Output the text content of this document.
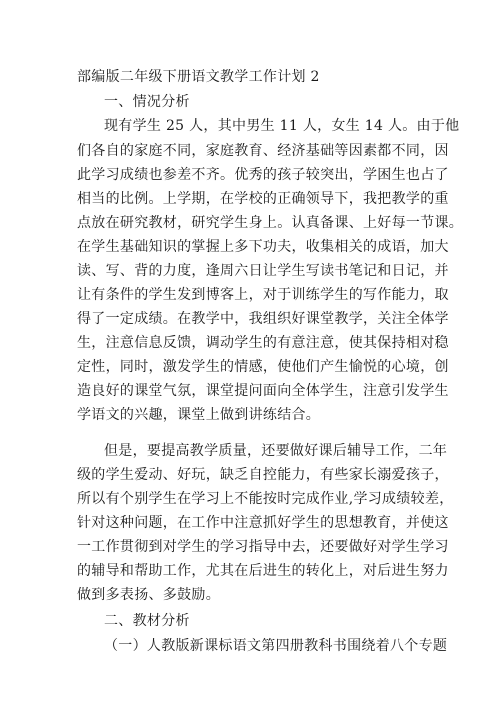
部编版二年级下册语文教学工作计划 2
一、情况分析
现有学生 25 人，其中男生 11 人，女生 14 人。由于他
们各自的家庭不同，家庭教育、经济基础等因素都不同，因
此学习成绩也参差不齐。优秀的孩子较突出，学困生也占了
相当的比例。上学期，在学校的正确领导下，我把教学的重
点放在研究教材，研究学生身上。认真备课、上好每一节课。
在学生基础知识的掌握上多下功夫，收集相关的成语，加大
读、写、背的力度，逢周六日让学生写读书笔记和日记，并
让有条件的学生发到博客上，对于训练学生的写作能力，取
得了一定成绩。在教学中，我组织好课堂教学，关注全体学
生，注意信息反馈，调动学生的有意注意，使其保持相对稳
定性，同时，激发学生的情感，使他们产生愉悦的心境，创
造良好的课堂气氛，课堂提问面向全体学生，注意引发学生
学语文的兴趣，课堂上做到讲练结合。
但是，要提高教学质量，还要做好课后辅导工作，二年
级的学生爱动、好玩，缺乏自控能力，有些家长溺爱孩子，
所以有个别学生在学习上不能按时完成作业,学习成绩较差，
针对这种问题，在工作中注意抓好学生的思想教育，并使这
一工作贯彻到对学生的学习指导中去，还要做好对学生学习
的辅导和帮助工作，尤其在后进生的转化上，对后进生努力
做到多表扬、多鼓励。
二、教材分析
（一）人教版新课标语文第四册教科书围绕着八个专题
